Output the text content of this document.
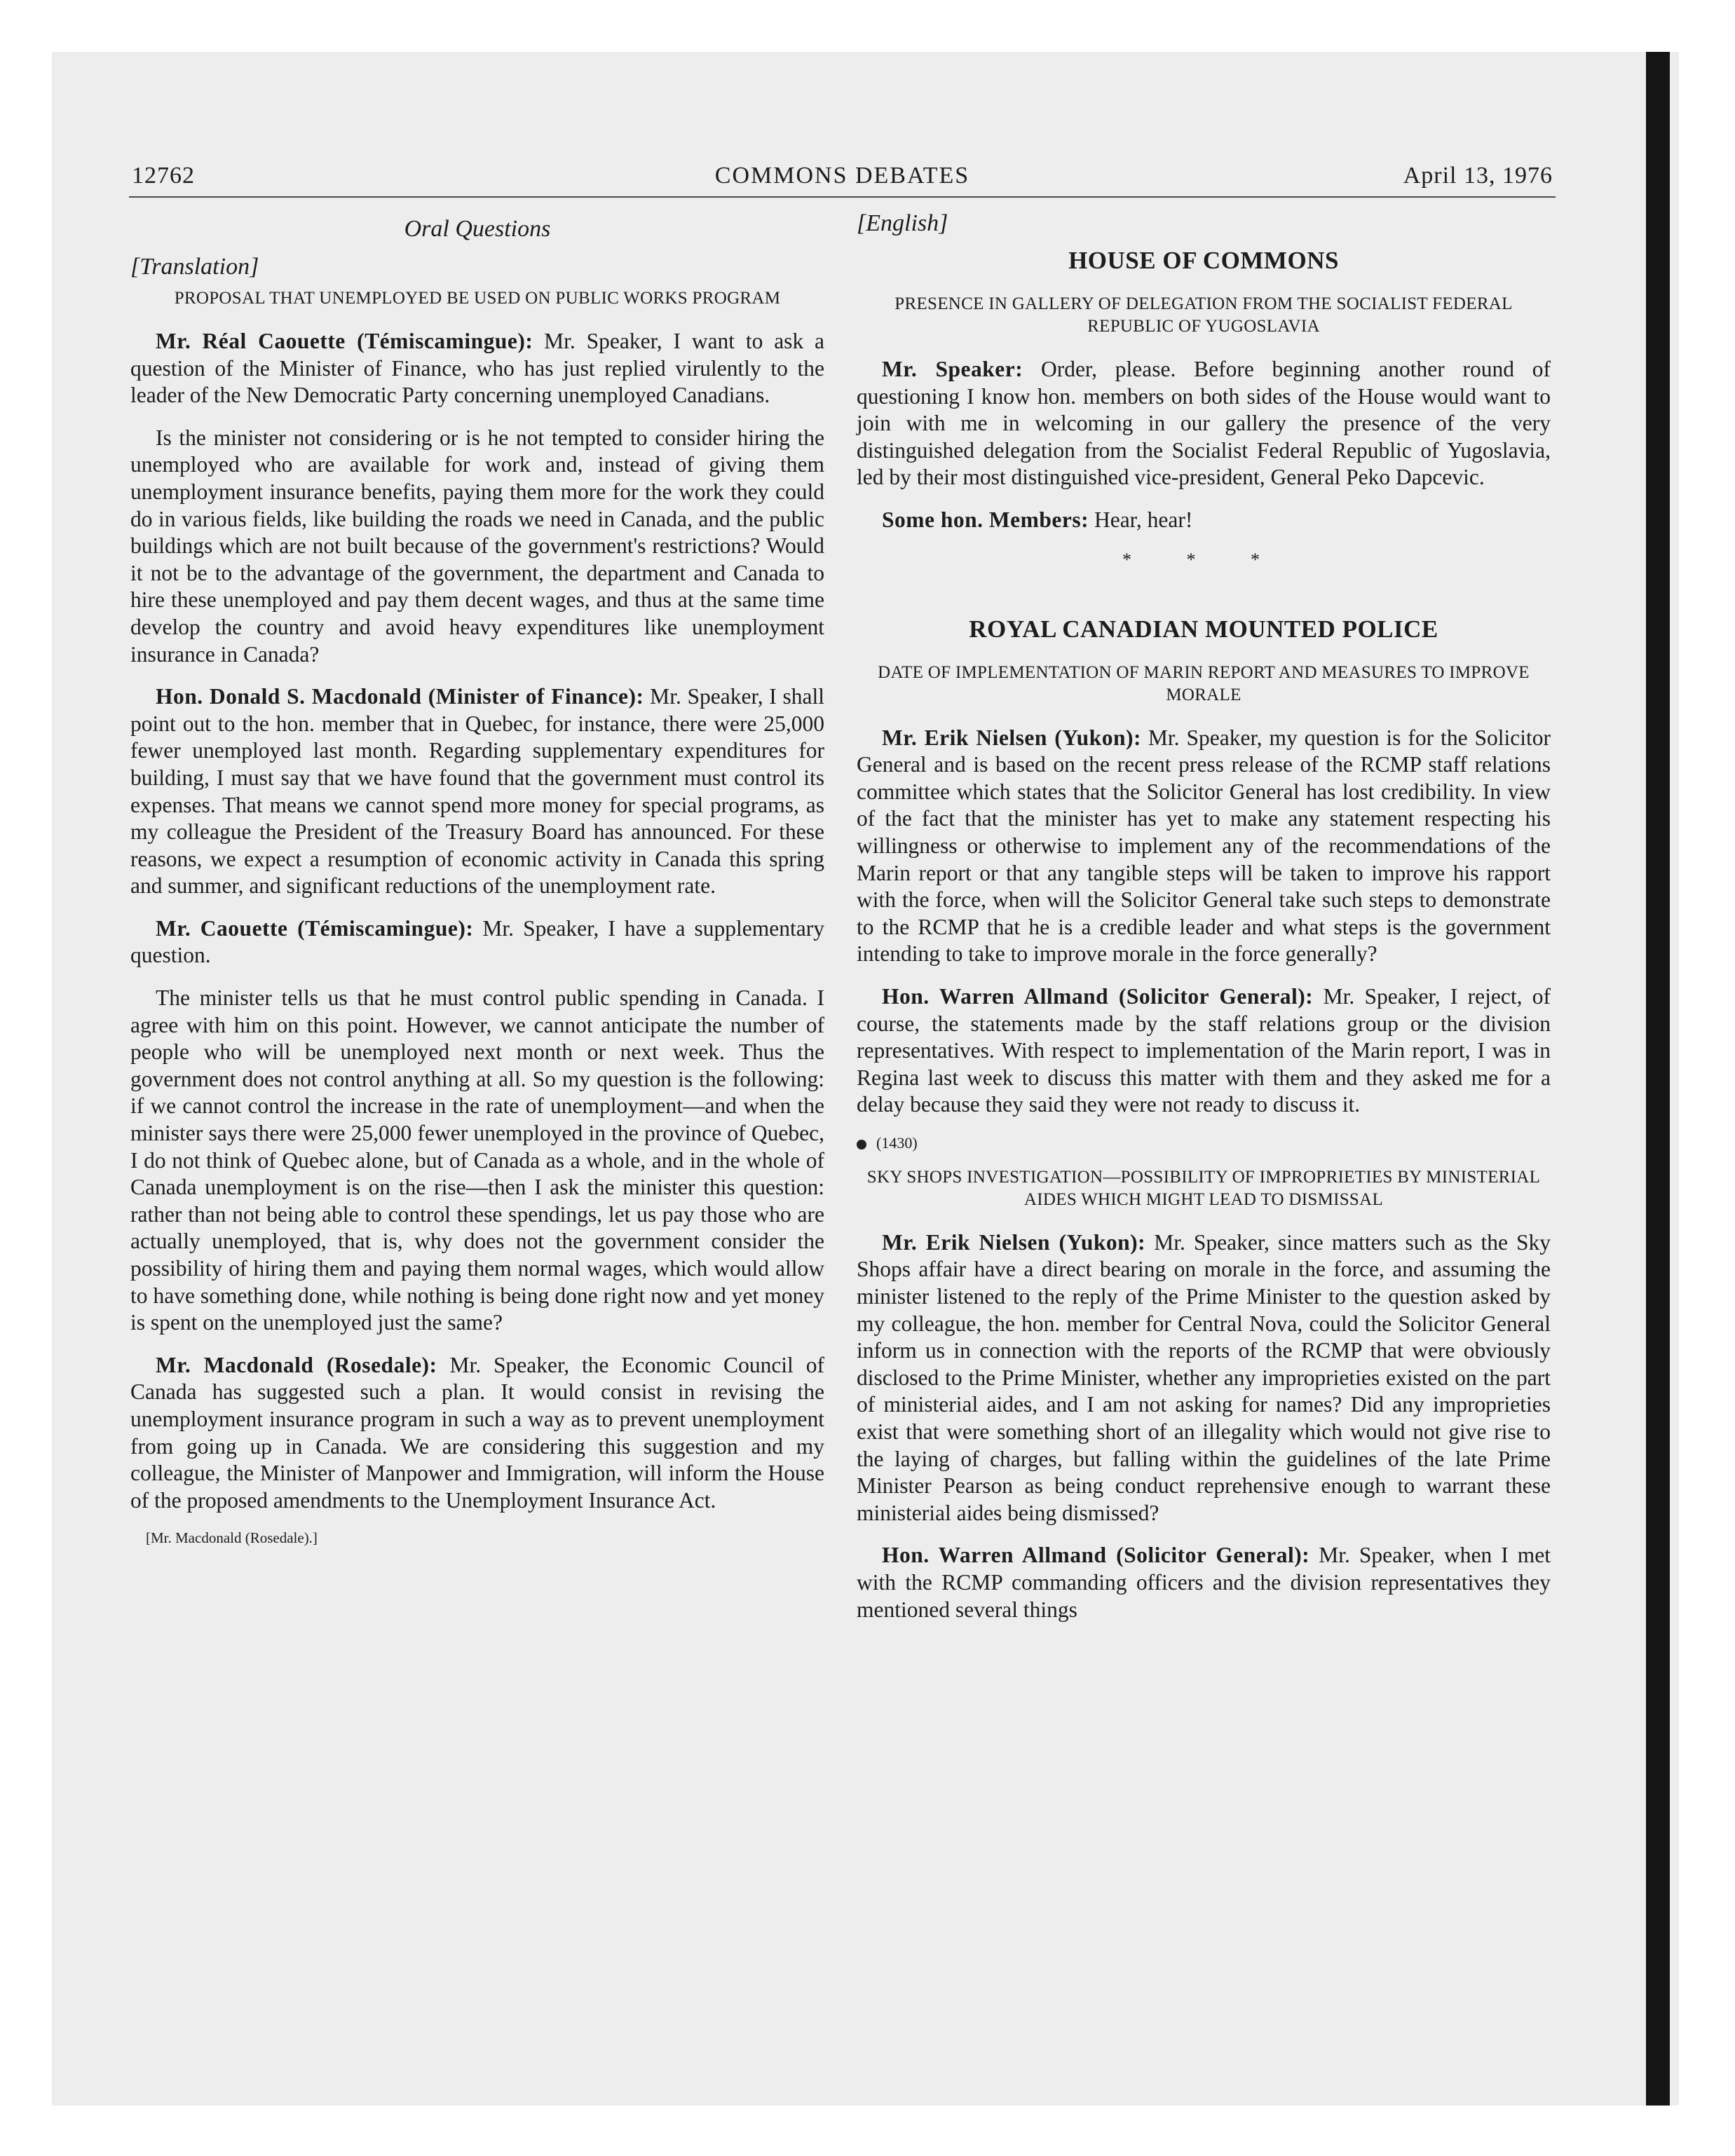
12762	COMMONS DEBATES	April 13, 1976
Oral Questions
[Translation]
PROPOSAL THAT UNEMPLOYED BE USED ON PUBLIC WORKS PROGRAM

Mr. Réal Caouette (Témiscamingue): Mr. Speaker, I want to ask a question of the Minister of Finance, who has just replied virulently to the leader of the New Democratic Party concerning unemployed Canadians.

Is the minister not considering or is he not tempted to consider hiring the unemployed who are available for work and, instead of giving them unemployment insurance benefits, paying them more for the work they could do in various fields, like building the roads we need in Canada, and the public buildings which are not built because of the government's restrictions? Would it not be to the advantage of the government, the department and Canada to hire these unemployed and pay them decent wages, and thus at the same time develop the country and avoid heavy expenditures like unemployment insurance in Canada?

Hon. Donald S. Macdonald (Minister of Finance): Mr. Speaker, I shall point out to the hon. member that in Quebec, for instance, there were 25,000 fewer unemployed last month. Regarding supplementary expenditures for building, I must say that we have found that the government must control its expenses. That means we cannot spend more money for special programs, as my colleague the President of the Treasury Board has announced. For these reasons, we expect a resumption of economic activity in Canada this spring and summer, and significant reductions of the unemployment rate.

Mr. Caouette (Témiscamingue): Mr. Speaker, I have a supplementary question.

The minister tells us that he must control public spending in Canada. I agree with him on this point. However, we cannot anticipate the number of people who will be unemployed next month or next week. Thus the government does not control anything at all. So my question is the following: if we cannot control the increase in the rate of unemployment—and when the minister says there were 25,000 fewer unemployed in the province of Quebec, I do not think of Quebec alone, but of Canada as a whole, and in the whole of Canada unemployment is on the rise—then I ask the minister this question: rather than not being able to control these spendings, let us pay those who are actually unemployed, that is, why does not the government consider the possibility of hiring them and paying them normal wages, which would allow to have something done, while nothing is being done right now and yet money is spent on the unemployed just the same?

Mr. Macdonald (Rosedale): Mr. Speaker, the Economic Council of Canada has suggested such a plan. It would consist in revising the unemployment insurance program in such a way as to prevent unemployment from going up in Canada. We are considering this suggestion and my colleague, the Minister of Manpower and Immigration, will inform the House of the proposed amendments to the Unemployment Insurance Act.

[Mr. Macdonald (Rosedale).]
[English]
HOUSE OF COMMONS
PRESENCE IN GALLERY OF DELEGATION FROM THE SOCIALIST FEDERAL REPUBLIC OF YUGOSLAVIA

Mr. Speaker: Order, please. Before beginning another round of questioning I know hon. members on both sides of the House would want to join with me in welcoming in our gallery the presence of the very distinguished delegation from the Socialist Federal Republic of Yugoslavia, led by their most distinguished vice-president, General Peko Dapcevic.

Some hon. Members: Hear, hear!

* * *
ROYAL CANADIAN MOUNTED POLICE
DATE OF IMPLEMENTATION OF MARIN REPORT AND MEASURES TO IMPROVE MORALE

Mr. Erik Nielsen (Yukon): Mr. Speaker, my question is for the Solicitor General and is based on the recent press release of the RCMP staff relations committee which states that the Solicitor General has lost credibility. In view of the fact that the minister has yet to make any statement respecting his willingness or otherwise to implement any of the recommendations of the Marin report or that any tangible steps will be taken to improve his rapport with the force, when will the Solicitor General take such steps to demonstrate to the RCMP that he is a credible leader and what steps is the government intending to take to improve morale in the force generally?

Hon. Warren Allmand (Solicitor General): Mr. Speaker, I reject, of course, the statements made by the staff relations group or the division representatives. With respect to implementation of the Marin report, I was in Regina last week to discuss this matter with them and they asked me for a delay because they said they were not ready to discuss it.

(1430)
SKY SHOPS INVESTIGATION—POSSIBILITY OF IMPROPRIETIES BY MINISTERIAL AIDES WHICH MIGHT LEAD TO DISMISSAL

Mr. Erik Nielsen (Yukon): Mr. Speaker, since matters such as the Sky Shops affair have a direct bearing on morale in the force, and assuming the minister listened to the reply of the Prime Minister to the question asked by my colleague, the hon. member for Central Nova, could the Solicitor General inform us in connection with the reports of the RCMP that were obviously disclosed to the Prime Minister, whether any improprieties existed on the part of ministerial aides, and I am not asking for names? Did any improprieties exist that were something short of an illegality which would not give rise to the laying of charges, but falling within the guidelines of the late Prime Minister Pearson as being conduct reprehensive enough to warrant these ministerial aides being dismissed?

Hon. Warren Allmand (Solicitor General): Mr. Speaker, when I met with the RCMP commanding officers and the division representatives they mentioned several things
